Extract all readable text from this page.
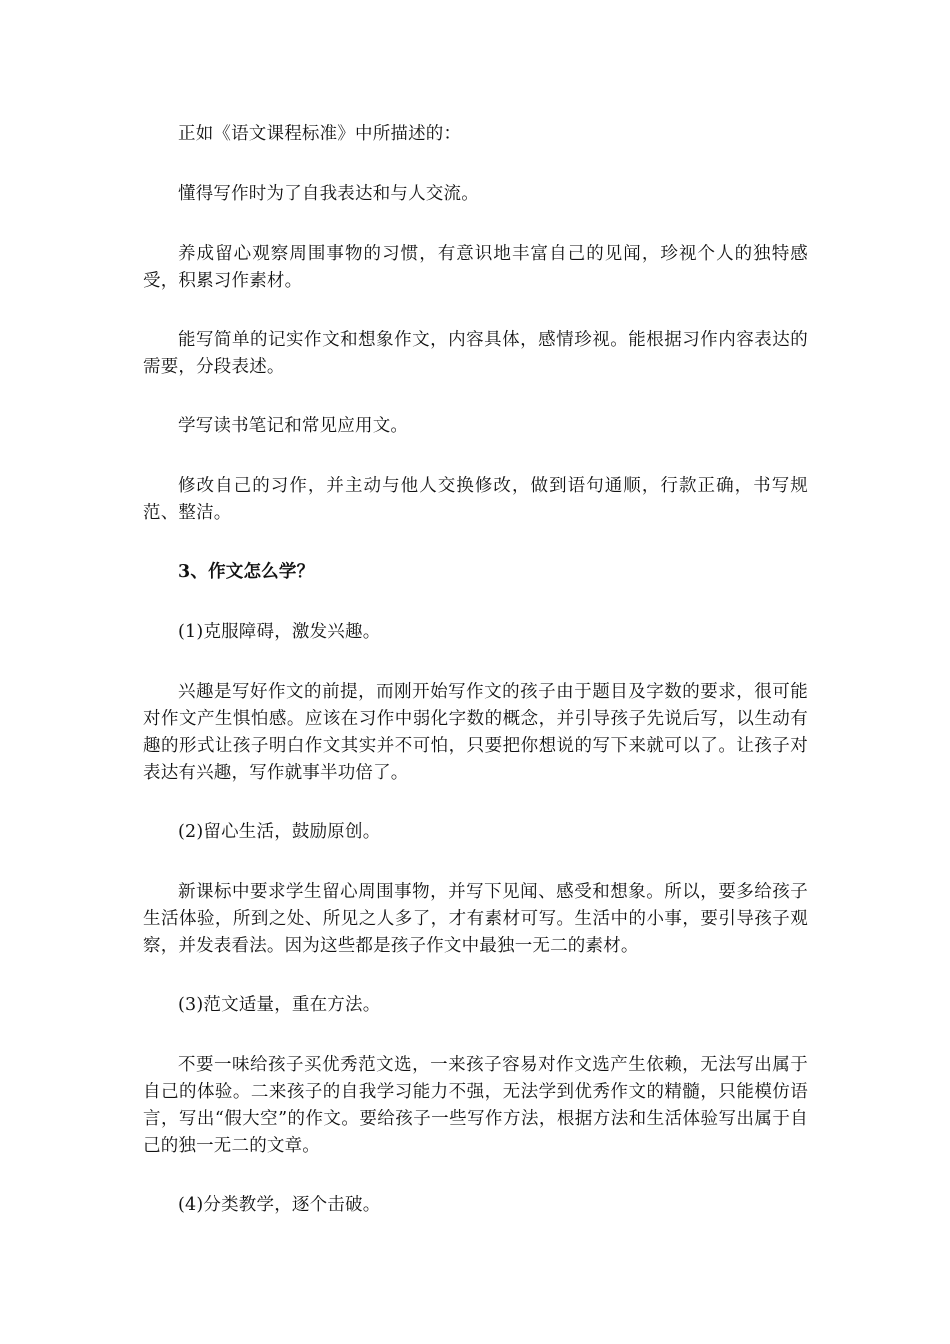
正如《语文课程标准》中所描述的：

懂得写作时为了自我表达和与人交流。

养成留心观察周围事物的习惯，有意识地丰富自己的见闻，珍视个人的独特感受，积累习作素材。

能写简单的记实作文和想象作文，内容具体，感情珍视。能根据习作内容表达的需要，分段表述。

学写读书笔记和常见应用文。

修改自己的习作，并主动与他人交换修改，做到语句通顺，行款正确，书写规范、整洁。

3、作文怎么学？

(1)克服障碍，激发兴趣。

兴趣是写好作文的前提，而刚开始写作文的孩子由于题目及字数的要求，很可能对作文产生惧怕感。应该在习作中弱化字数的概念，并引导孩子先说后写，以生动有趣的形式让孩子明白作文其实并不可怕，只要把你想说的写下来就可以了。让孩子对表达有兴趣，写作就事半功倍了。

(2)留心生活，鼓励原创。

新课标中要求学生留心周围事物，并写下见闻、感受和想象。所以，要多给孩子生活体验，所到之处、所见之人多了，才有素材可写。生活中的小事，要引导孩子观察，并发表看法。因为这些都是孩子作文中最独一无二的素材。

(3)范文适量，重在方法。

不要一味给孩子买优秀范文选，一来孩子容易对作文选产生依赖，无法写出属于自己的体验。二来孩子的自我学习能力不强，无法学到优秀作文的精髓，只能模仿语言，写出“假大空”的作文。要给孩子一些写作方法，根据方法和生活体验写出属于自己的独一无二的文章。

(4)分类教学，逐个击破。
